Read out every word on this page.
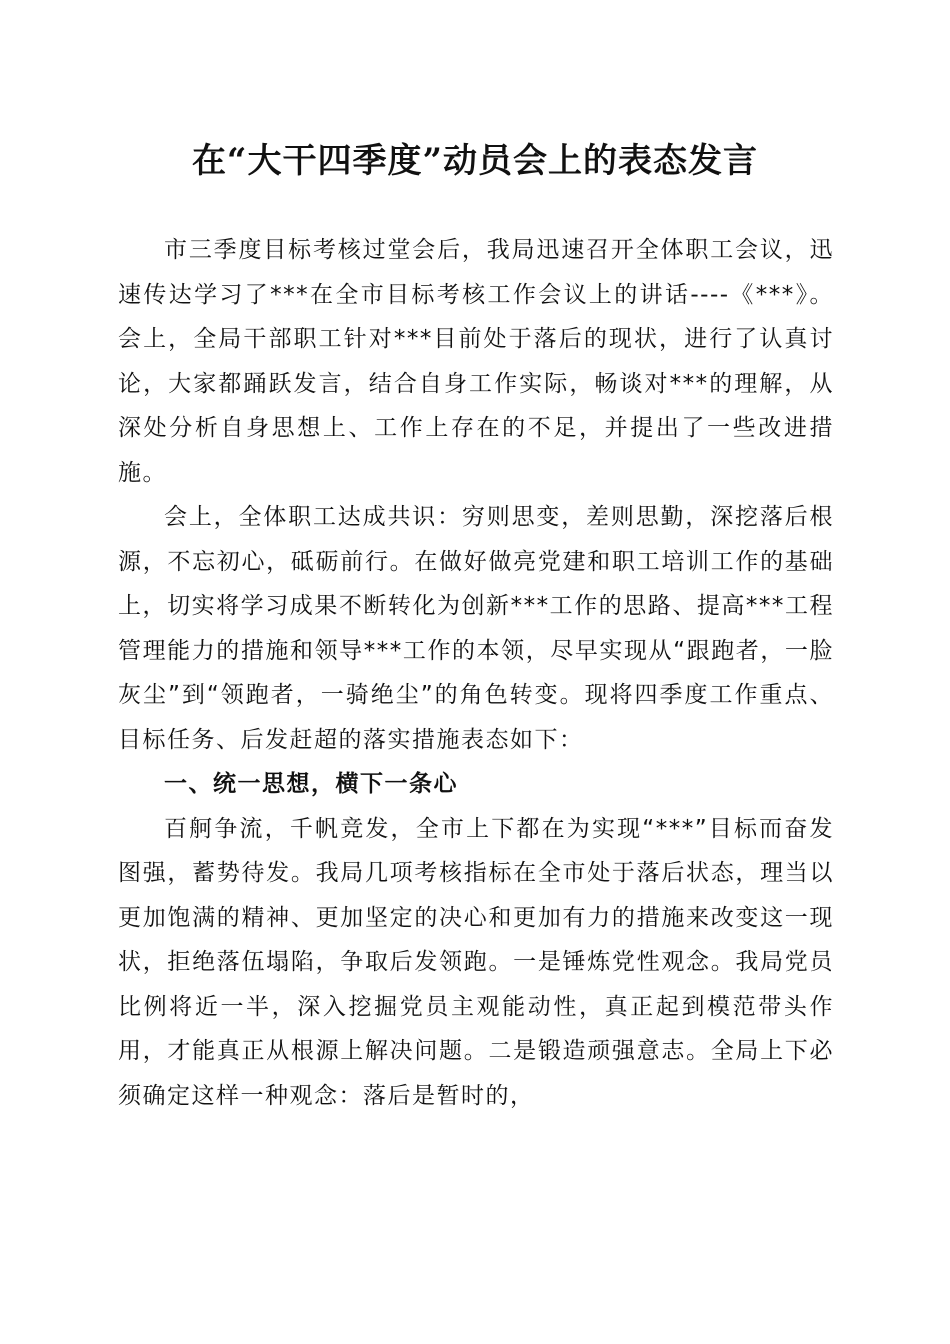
在“大干四季度”动员会上的表态发言

市三季度目标考核过堂会后，我局迅速召开全体职工会议，迅速传达学习了***在全市目标考核工作会议上的讲话----《***》。会上，全局干部职工针对***目前处于落后的现状，进行了认真讨论，大家都踊跃发言，结合自身工作实际，畅谈对***的理解，从深处分析自身思想上、工作上存在的不足，并提出了一些改进措施。

会上，全体职工达成共识：穷则思变，差则思勤，深挖落后根源，不忘初心，砥砺前行。在做好做亮党建和职工培训工作的基础上，切实将学习成果不断转化为创新***工作的思路、提高***工程管理能力的措施和领导***工作的本领，尽早实现从“跟跑者，一脸灰尘”到“领跑者，一骑绝尘”的角色转变。现将四季度工作重点、目标任务、后发赶超的落实措施表态如下：

一、统一思想，横下一条心

百舸争流，千帆竞发，全市上下都在为实现“***”目标而奋发图强，蓄势待发。我局几项考核指标在全市处于落后状态，理当以更加饱满的精神、更加坚定的决心和更加有力的措施来改变这一现状，拒绝落伍塌陷，争取后发领跑。一是锤炼党性观念。我局党员比例将近一半，深入挖掘党员主观能动性，真正起到模范带头作用，才能真正从根源上解决问题。二是锻造顽强意志。全局上下必须确定这样一种观念：落后是暂时的，
